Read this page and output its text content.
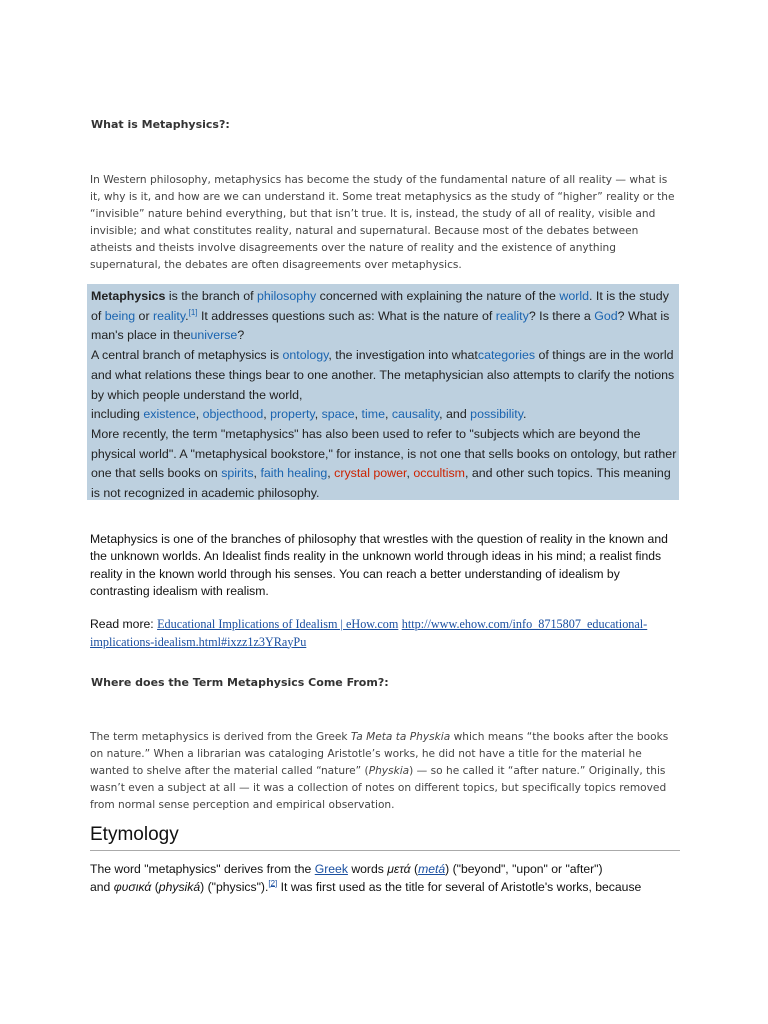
What is Metaphysics?:

In Western philosophy, metaphysics has become the study of the fundamental nature of all reality — what is it, why is it, and how are we can understand it. Some treat metaphysics as the study of “higher” reality or the “invisible” nature behind everything, but that isn’t true. It is, instead, the study of all of reality, visible and invisible; and what constitutes reality, natural and supernatural. Because most of the debates between atheists and theists involve disagreements over the nature of reality and the existence of anything supernatural, the debates are often disagreements over metaphysics.

Metaphysics is the branch of philosophy concerned with explaining the nature of the world. It is the study of being or reality.[1] It addresses questions such as: What is the nature of reality? Is there a God? What is man's place in theuniverse?

A central branch of metaphysics is ontology, the investigation into whatcategories of things are in the world and what relations these things bear to one another. The metaphysician also attempts to clarify the notions by which people understand the world,

including existence, objecthood, property, space, time, causality, and possibility.

More recently, the term "metaphysics" has also been used to refer to "subjects which are beyond the physical world". A "metaphysical bookstore," for instance, is not one that sells books on ontology, but rather one that sells books on spirits, faith healing, crystal power, occultism, and other such topics. This meaning is not recognized in academic philosophy.

Metaphysics is one of the branches of philosophy that wrestles with the question of reality in the known and the unknown worlds. An Idealist finds reality in the unknown world through ideas in his mind; a realist finds reality in the known world through his senses. You can reach a better understanding of idealism by contrasting idealism with realism.

Read more: Educational Implications of Idealism | eHow.com http://www.ehow.com/info_8715807_educational-implications-idealism.html#ixzz1z3YRayPu

Where does the Term Metaphysics Come From?:

The term metaphysics is derived from the Greek Ta Meta ta Physkia which means “the books after the books on nature.” When a librarian was cataloging Aristotle’s works, he did not have a title for the material he wanted to shelve after the material called “nature” (Physkia) — so he called it “after nature.” Originally, this wasn’t even a subject at all — it was a collection of notes on different topics, but specifically topics removed from normal sense perception and empirical observation.

Etymology

The word "metaphysics" derives from the Greek words μετά (metá) ("beyond", "upon" or "after")
and φυσικά (physiká) ("physics").[2] It was first used as the title for several of Aristotle's works, because
